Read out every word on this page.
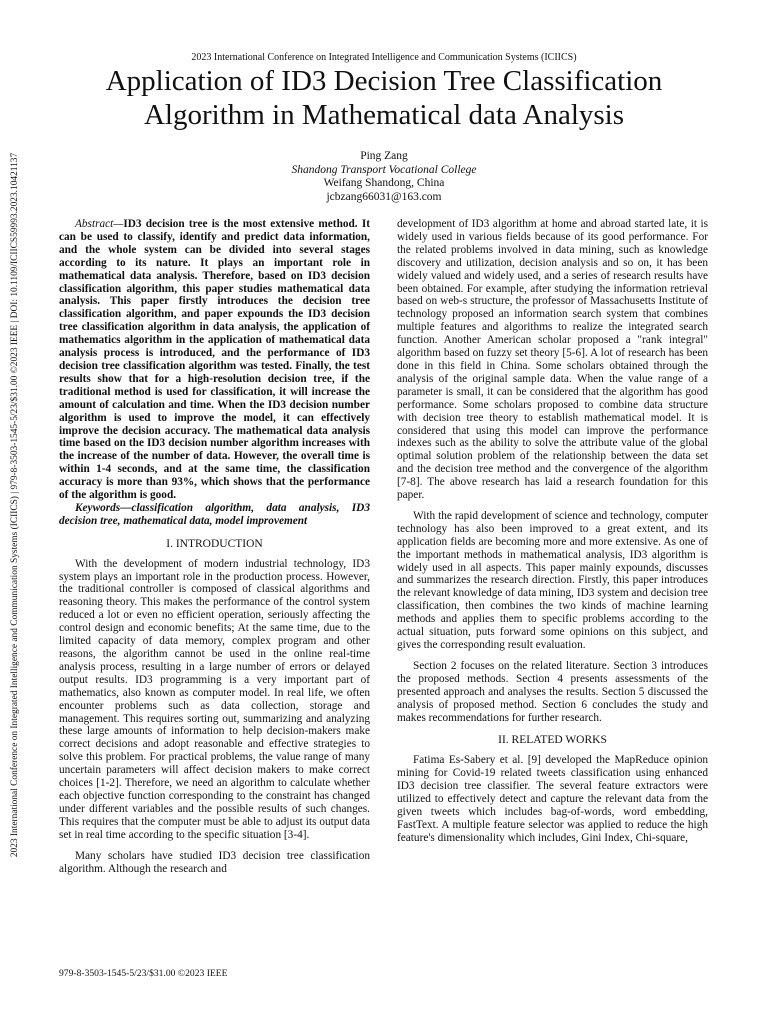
2023 International Conference on Integrated Intelligence and Communication Systems (ICIICS) | 979-8-3503-1545-5/23/$31.00 ©2023 IEEE | DOI: 10.1109/ICIICS59993.2023.10421137
2023 International Conference on Integrated Intelligence and Communication Systems (ICIICS)
Application of ID3 Decision Tree Classification Algorithm in Mathematical data Analysis
Ping Zang
Shandong Transport Vocational College
Weifang Shandong, China
jcbzang66031@163.com

Abstract—ID3 decision tree is the most extensive method. It can be used to classify, identify and predict data information, and the whole system can be divided into several stages according to its nature. It plays an important role in mathematical data analysis. Therefore, based on ID3 decision classification algorithm, this paper studies mathematical data analysis. This paper firstly introduces the decision tree classification algorithm, and paper expounds the ID3 decision tree classification algorithm in data analysis, the application of mathematics algorithm in the application of mathematical data analysis process is introduced, and the performance of ID3 decision tree classification algorithm was tested. Finally, the test results show that for a high-resolution decision tree, if the traditional method is used for classification, it will increase the amount of calculation and time. When the ID3 decision number algorithm is used to improve the model, it can effectively improve the decision accuracy. The mathematical data analysis time based on the ID3 decision number algorithm increases with the increase of the number of data. However, the overall time is within 1-4 seconds, and at the same time, the classification accuracy is more than 93%, which shows that the performance of the algorithm is good.

Keywords—classification algorithm, data analysis, ID3 decision tree, mathematical data, model improvement

I. INTRODUCTION

With the development of modern industrial technology, ID3 system plays an important role in the production process. However, the traditional controller is composed of classical algorithms and reasoning theory. This makes the performance of the control system reduced a lot or even no efficient operation, seriously affecting the control design and economic benefits; At the same time, due to the limited capacity of data memory, complex program and other reasons, the algorithm cannot be used in the online real-time analysis process, resulting in a large number of errors or delayed output results. ID3 programming is a very important part of mathematics, also known as computer model. In real life, we often encounter problems such as data collection, storage and management. This requires sorting out, summarizing and analyzing these large amounts of information to help decision-makers make correct decisions and adopt reasonable and effective strategies to solve this problem. For practical problems, the value range of many uncertain parameters will affect decision makers to make correct choices [1-2]. Therefore, we need an algorithm to calculate whether each objective function corresponding to the constraint has changed under different variables and the possible results of such changes. This requires that the computer must be able to adjust its output data set in real time according to the specific situation [3-4].

Many scholars have studied ID3 decision tree classification algorithm. Although the research and

development of ID3 algorithm at home and abroad started late, it is widely used in various fields because of its good performance. For the related problems involved in data mining, such as knowledge discovery and utilization, decision analysis and so on, it has been widely valued and widely used, and a series of research results have been obtained. For example, after studying the information retrieval based on web-s structure, the professor of Massachusetts Institute of technology proposed an information search system that combines multiple features and algorithms to realize the integrated search function. Another American scholar proposed a "rank integral" algorithm based on fuzzy set theory [5-6]. A lot of research has been done in this field in China. Some scholars obtained through the analysis of the original sample data. When the value range of a parameter is small, it can be considered that the algorithm has good performance. Some scholars proposed to combine data structure with decision tree theory to establish mathematical model. It is considered that using this model can improve the performance indexes such as the ability to solve the attribute value of the global optimal solution problem of the relationship between the data set and the decision tree method and the convergence of the algorithm [7-8]. The above research has laid a research foundation for this paper.

With the rapid development of science and technology, computer technology has also been improved to a great extent, and its application fields are becoming more and more extensive. As one of the important methods in mathematical analysis, ID3 algorithm is widely used in all aspects. This paper mainly expounds, discusses and summarizes the research direction. Firstly, this paper introduces the relevant knowledge of data mining, ID3 system and decision tree classification, then combines the two kinds of machine learning methods and applies them to specific problems according to the actual situation, puts forward some opinions on this subject, and gives the corresponding result evaluation.

Section 2 focuses on the related literature. Section 3 introduces the proposed methods. Section 4 presents assessments of the presented approach and analyses the results. Section 5 discussed the analysis of proposed method. Section 6 concludes the study and makes recommendations for further research.

II. RELATED WORKS

Fatima Es-Sabery et al. [9] developed the MapReduce opinion mining for Covid-19 related tweets classification using enhanced ID3 decision tree classifier. The several feature extractors were utilized to effectively detect and capture the relevant data from the given tweets which includes bag-of-words, word embedding, FastText. A multiple feature selector was applied to reduce the high feature's dimensionality which includes, Gini Index, Chi-square,

979-8-3503-1545-5/23/$31.00 ©2023 IEEE
